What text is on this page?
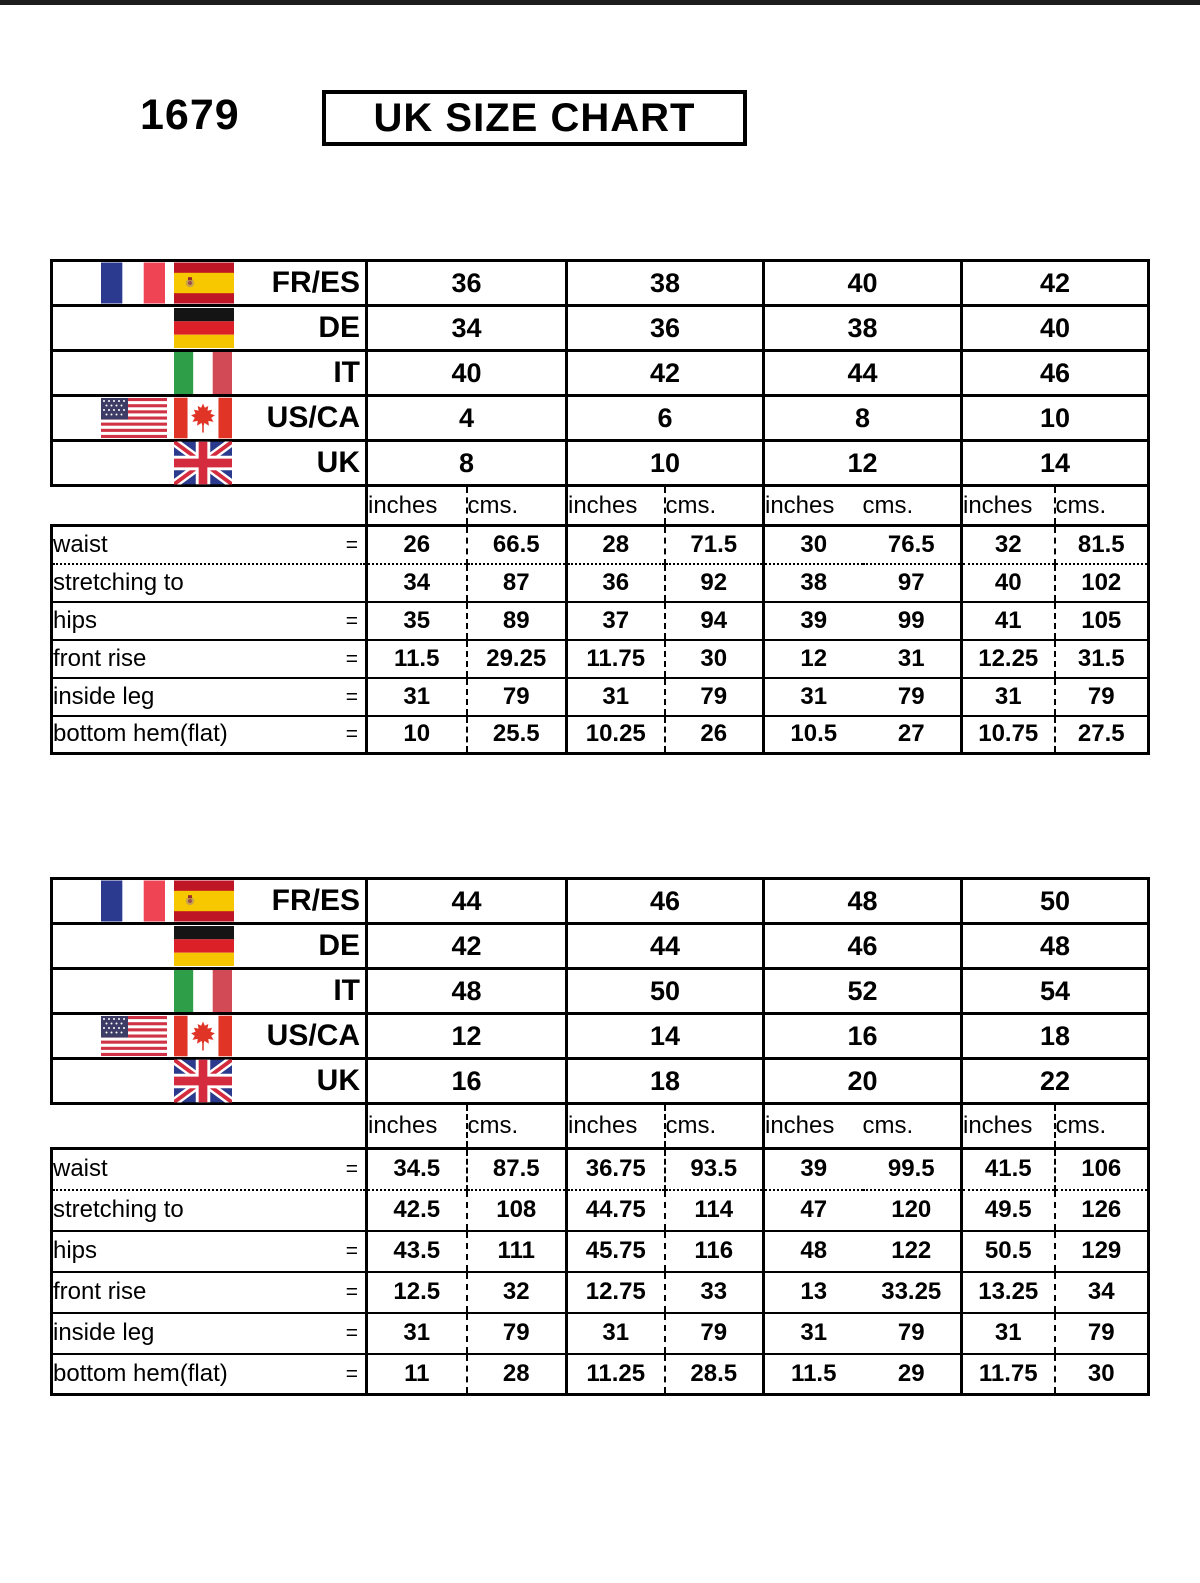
1679	UK SIZE CHART
FR/ES	36		38		40		42	

DE	34		36		38		40	

IT	40		42		44		46	

US/CA	4		6		8		10	

UK	8		10		12		14	
	inches	cms.	inches	cms.	inches	cms.	inches	cms.
waist =	26	66.5	28	71.5	30	76.5	32	81.5
stretching to	34	87	36	92	38	97	40	102
hips =	35	89	37	94	39	99	41	105
front rise =	11.5	29.25	11.75	30	12	31	12.25	31.5
inside leg =	31	79	31	79	31	79	31	79
bottom hem(flat) =	10	25.5	10.25	26	10.5	27	10.75	27.5
FR/ES	44		46		48		50	

DE	42		44		46		48	

IT	48		50		52		54	

US/CA	12		14		16		18	

UK	16		18		20		22	
	inches	cms.	inches	cms.	inches	cms.	inches	cms.
waist =	34.5	87.5	36.75	93.5	39	99.5	41.5	106
stretching to	42.5	108	44.75	114	47	120	49.5	126
hips =	43.5	111	45.75	116	48	122	50.5	129
front rise =	12.5	32	12.75	33	13	33.25	13.25	34
inside leg =	31	79	31	79	31	79	31	79
bottom hem(flat) =	11	28	11.25	28.5	11.5	29	11.75	30
